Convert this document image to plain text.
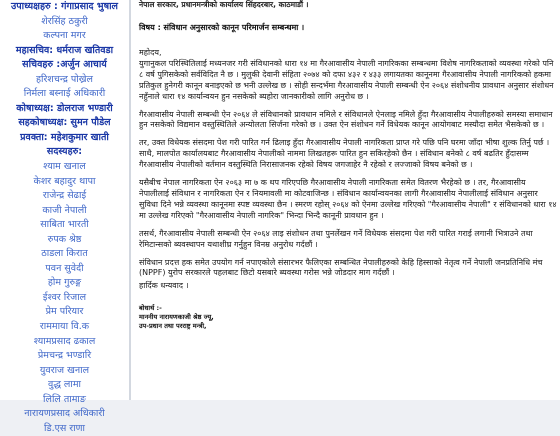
उपाध्यक्षहरु : गंगाप्रसाद भुषाल
शेरसिंह ठकुरी
कल्पना मगर
महासचिव: धर्मराज खतिवडा
सचिवहरु :अर्जुन आचार्य
हरिशचन्द्र पोख्रेल
निर्मला बस्नाई अधिकारी
कोषाध्यक्ष: डोलराज भण्डारी
सहकोषाध्यक्ष: सुमन पौडेल
प्रवक्ता: महेशकुमार खाती
सदस्यहरु:
श्याम खनाल
केशर बहादुर थापा
राजेन्द्र सेढाई
काजी नेपाली
साबिता भारती
रुपक श्रेष्ठ
ठाडला किरात
पवन सुवेदी
होम गुरुङ्ग
ईश्वर रिजाल
प्रेम परियार
राममाया वि.क
श्यामप्रसाद ढकाल
प्रेमचन्द्र भण्डारि
युवराज खनाल
वुद्ध लामा
लिलि तामाङ
नारायणप्रसाद अधिकारी
डि.एस राणा
नेपाल सरकार, प्रधानमन्त्रीको कार्यालय सिंहदरबार, काठमाडौं ।
विषय : संविधान अनुसारको कानून परिमार्जन सम्बन्धमा ।
महोदय,
युगानुकल परिस्थितिलाई मध्यनजर गरी संविधानको धारा १४ मा गैरआवासीय नेपाली नागरिकका सम्बन्धमा विशेष नागरिकताको व्यवस्था गरेको पनि ८ वर्ष पुगिसकेको सर्वविदित नै छ । मुलुकी देवानी संहिता २०७४ को दफा ४३२ र ४३३ लगायतका कानूनमा गैरआवासीय नेपाली नागरिकको हकमा प्रतिकुल हुनेगरी कानून बनाइएको छ भनी उल्लेख छ । सोही सन्दर्भमा गैरआवासीय नेपाली सम्बन्धी ऐन २०६४ संशोधनीय प्रावधान अनुसार संशोधन नहुँनाले धारा १४ कार्यान्वयन हुन नसकेको ब्यहोरा जानकारीको लागि अनुरोध छ ।
गैरआवासीय नेपाली सम्बन्धी ऐन २०६४ ले संविधानको प्रावधान नमिले र संविधानले ऐनलाइ नमिले हुँदा गैरआवासीय नेपालीहरुको समस्या समाधान हुन नसकेको विद्यमान वस्तुस्थितिले अन्योलता सिर्जना गरेको छ । उक्त ऐन संशोधन गर्ने विधेयक कानून आयोगबाट मस्यौदा समेत भैसकेको छ ।
तर, उक्त विधेयक संसदमा पेश गरी पारित गर्न ढिलाइ हुँदा गैरआवासीय नेपाली नागरिकता प्राप्त गरे पछि पनि घरमा जाँदा भीषा शुल्क तिर्नु पर्छ । साथै, मालपोत कार्यालयबाट गैरआवासीय नेपालीको नाममा लिखतहरू पारित हुन सकिरहेको छैन । संविधान बनेको ८ वर्ष बढतिर हुँदासम्म गैरआवासीय नेपालीको वर्तमान वस्तुस्थिति निरासाजनक रहेको विषय जगजाहेर नै रहेको र लज्जाको विषय बनेको छ ।
यसैबीच नेपाल नागरिकता ऐन २०६३ मा ७ क थप गरिएपछि गैरआवासीय नेपाली नागरिकता समेत वितरण भैरहेको छ । तर, गैरआवासीय नेपालीलाई संविधान र नागरिकता ऐन र नियमावली मा कोटवाजिन्छ । संविधान कार्यान्वयनका लागी गैरआवासीय नेपालीलाई संविधान अनुसार सुविधा दिने भन्ने व्यवस्था कानूनमा स्पष्ट व्यवस्था छैन । स्मरण रहोस् २०६४ को ऐनमा उल्लेख गरिएको "गैरआवासीय नेपाली" र संविधानको धारा १४ मा उल्लेख गरिएको "गैरआवासीय नेपाली नागरिक" भिन्दा भिन्दै कानूनी प्रावधान हुन ।
तसर्थ, गैरआवासीय नेपाली सम्बन्धी ऐन २०६४ लाइ संशोधन तथा पुनर्लेखन गर्ने विधेयक संसदमा पेश गरी पारित गराई लगानी भित्राउने तथा रेमिटान्सको ब्यवस्थापन यथाशीघ्र गर्नुहुन विनम्र अनुरोध गर्दछौं ।
संविधान प्रदत्त हक समेत उपयोग गर्न नपाएकोले संसारभर फैलिएका सम्बन्धित नेपालीहरुको केहि हिस्साको नेतृत्व गर्ने नेपाली जनप्रतिनिधि मंच (NPPF) युरोप सरकारले पहलबाट छिटो यसबारे ब्यवस्था गरोस भन्ने जोडदार माग गर्दछौं ।
हार्दिक धन्यवाद ।
बोधार्थ :-
माननीय नारायणकाजी श्रेष्ठ ज्यू,
उप-प्रधान तथा परराष्ट्र मन्त्री,
